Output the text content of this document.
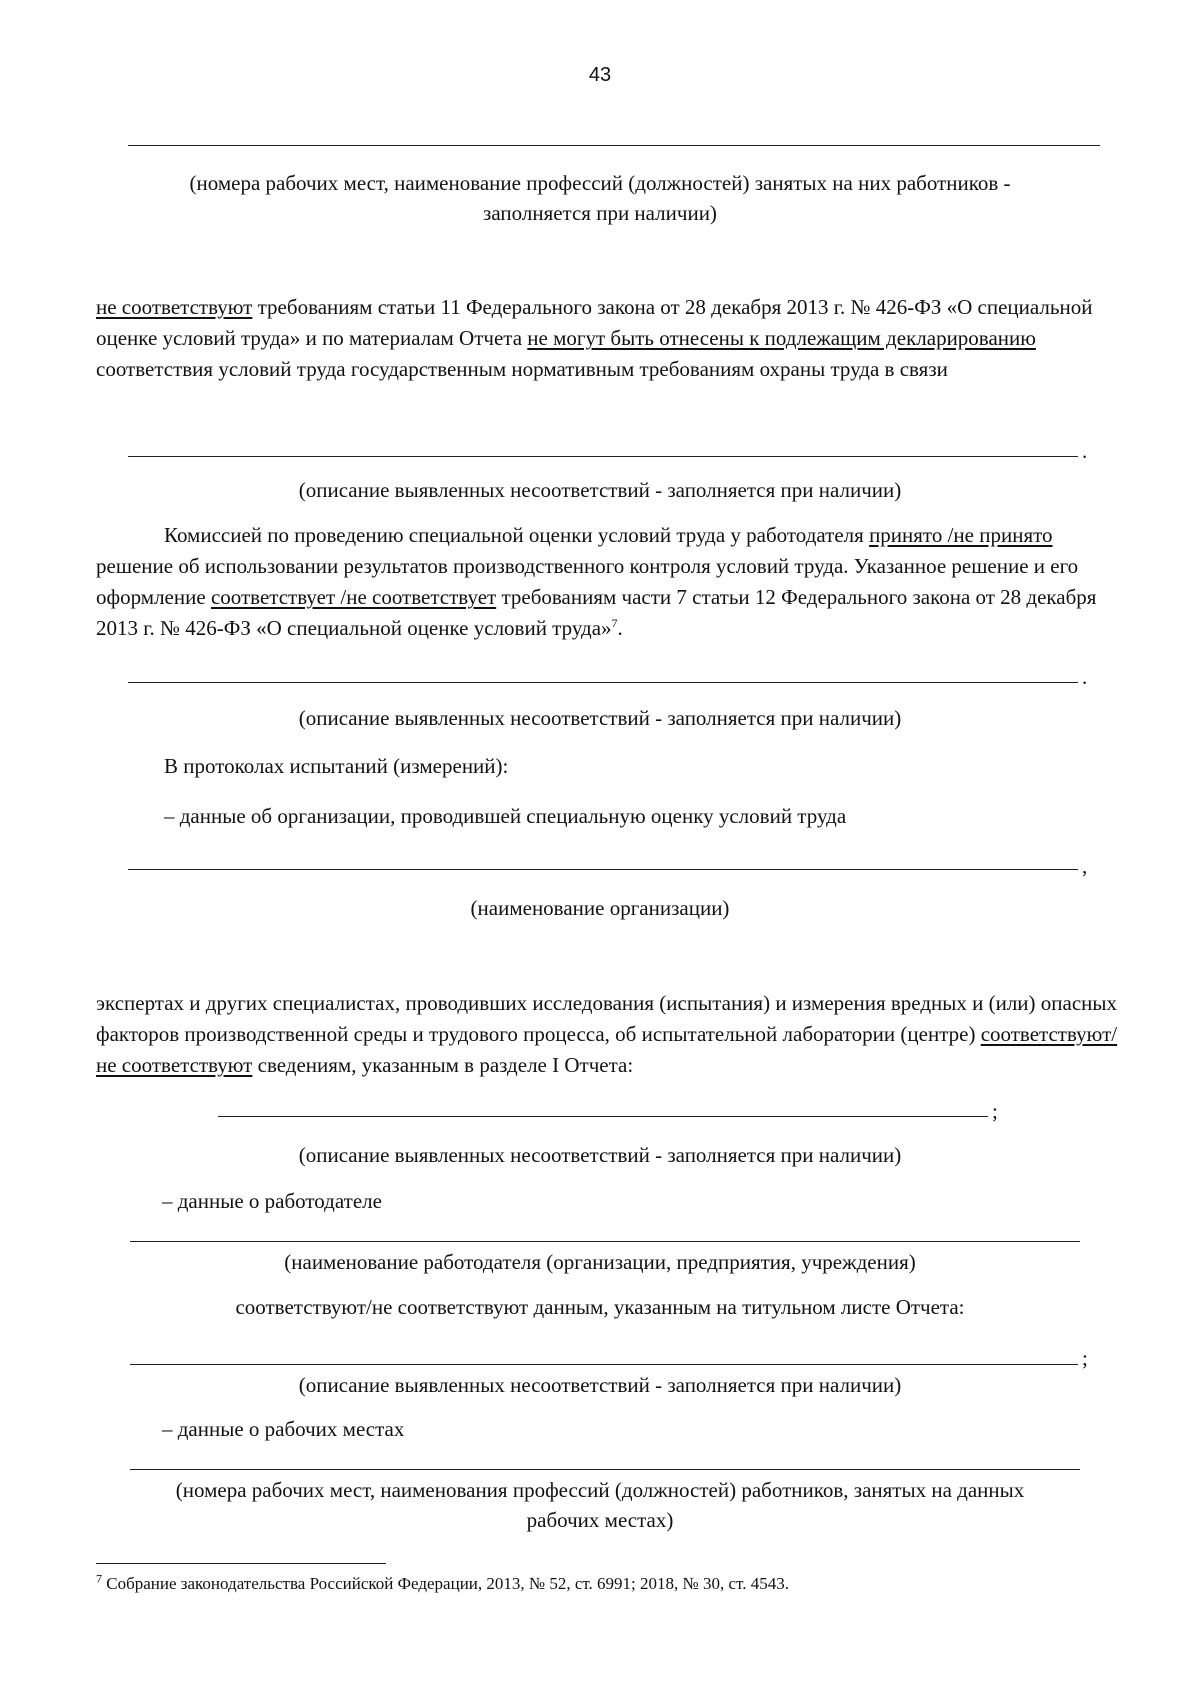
43
(номера рабочих мест, наименование профессий (должностей) занятых на них работников -
заполняется при наличии)
не соответствуют требованиям статьи 11 Федерального закона от 28 декабря 2013 г. № 426-ФЗ «О специальной оценке условий труда» и по материалам Отчета не могут быть отнесены к подлежащим декларированию соответствия условий труда государственным нормативным требованиям охраны труда в связи
.
(описание выявленных несоответствий - заполняется при наличии)
Комиссией по проведению специальной оценки условий труда у работодателя принято /не принято решение об использовании результатов производственного контроля условий труда. Указанное решение и его оформление соответствует /не соответствует требованиям части 7 статьи 12 Федерального закона от 28 декабря 2013 г. № 426-ФЗ «О специальной оценке условий труда»$^7$.
.
(описание выявленных несоответствий - заполняется при наличии)
В протоколах испытаний (измерений):
– данные об организации, проводившей специальную оценку условий труда
,
(наименование организации)
экспертах и других специалистах, проводивших исследования (испытания) и измерения вредных и (или) опасных факторов производственной среды и трудового процесса, об испытательной лаборатории (центре) соответствуют/не соответствуют сведениям, указанным в разделе I Отчета:
;
(описание выявленных несоответствий - заполняется при наличии)
– данные о работодателе
(наименование работодателя (организации, предприятия, учреждения)
соответствуют/не соответствуют данным, указанным на титульном листе Отчета:
;
(описание выявленных несоответствий - заполняется при наличии)
– данные о рабочих местах
(номера рабочих мест, наименования профессий (должностей) работников, занятых на данных
рабочих местах)
$^7$ Собрание законодательства Российской Федерации, 2013, № 52, ст. 6991; 2018, № 30, ст. 4543.
